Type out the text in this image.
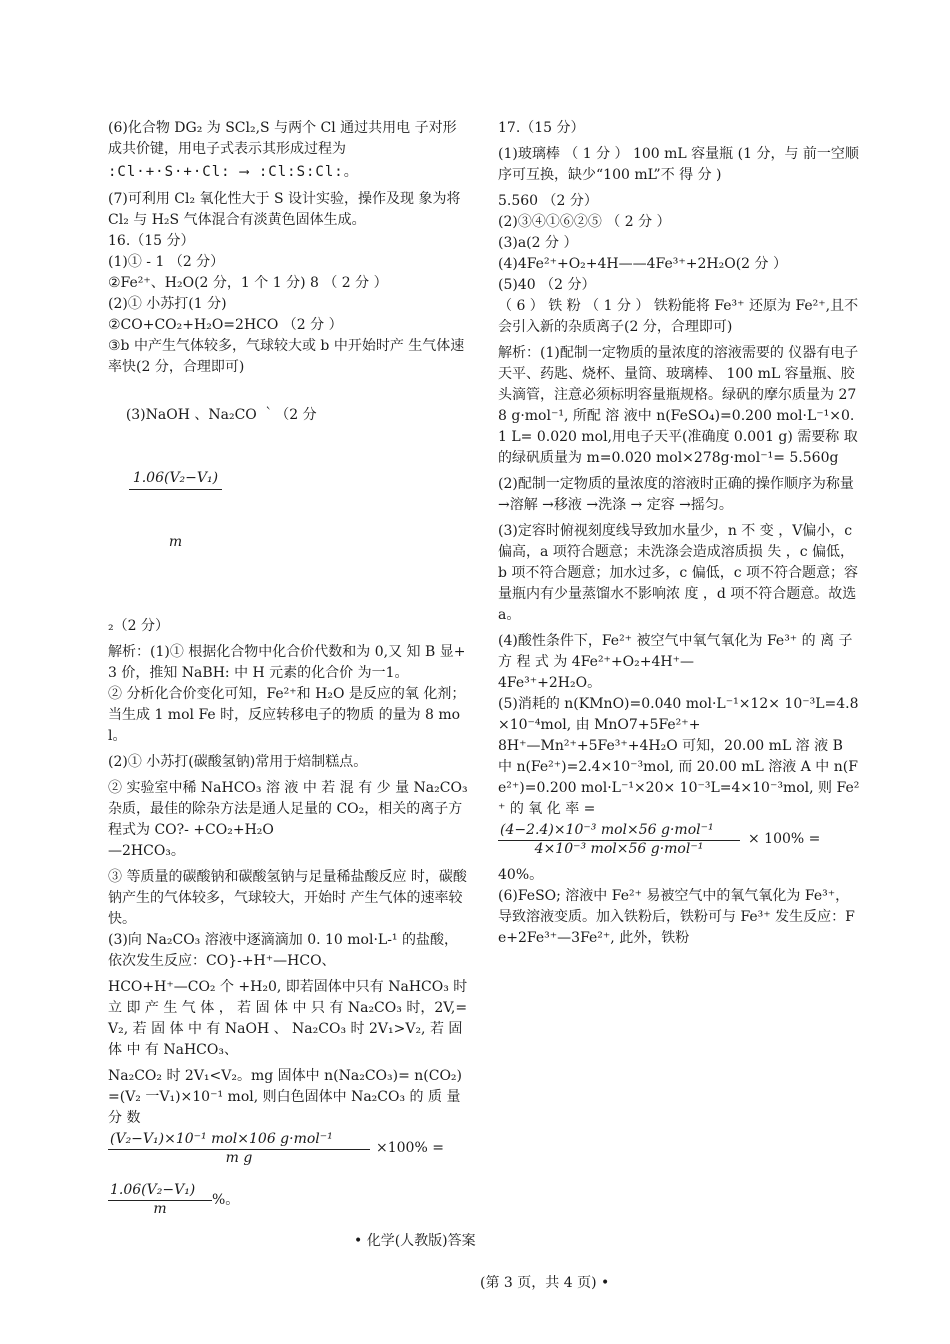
(6)化合物 DG₂ 为 SCl₂,S 与两个 Cl 通过共用电 子对形成共价键，用电子式表示其形成过程为
:Cl·+·S·+·Cl: ⟶ :Cl:S:Cl:。
(7)可利用 Cl₂ 氧化性大于 S 设计实验，操作及现 象为将 Cl₂ 与 H₂S 气体混合有淡黄色固体生成。
16.（15 分）
(1)① - 1 （2 分）
②Fe²⁺、H₂O(2 分，1 个 1 分) 8 （ 2 分 ）
(2)① 小苏打(1 分)
②CO+CO₂+H₂O=2HCO （2 分 ）
③b 中产生气体较多，气球较大或 b 中开始时产 生气体速率快(2 分，合理即可)

(3)NaOH 、Na₂CO ｀（2 分

$\frac{\text{1.06(V₂−V₁)}}{m}$

₂（2 分）
解析：(1)① 根据化合物中化合价代数和为 0,又 知 B 显+3 价，推知 NaBH: 中 H 元素的化合价 为一1。
② 分析化合价变化可知，Fe²⁺和 H₂O 是反应的氧 化剂；当生成 1 mol Fe 时，反应转移电子的物质 的量为 8 mol。
(2)① 小苏打(碳酸氢钠)常用于焙制糕点。
② 实验室中稀 NaHCO₃ 溶 液 中 若 混 有 少 量 Na₂CO₃ 杂质，最佳的除杂方法是通人足量的 CO₂，相关的离子方程式为 CO?- +CO₂+H₂O
—2HCO₃。
③ 等质量的碳酸钠和碳酸氢钠与足量稀盐酸反应 时，碳酸钠产生的气体较多，气球较大，开始时 产生气体的速率较快。
(3)向 Na₂CO₃ 溶液中逐滴滴加 0. 10 mol·L-¹ 的盐酸，依次发生反应：CO}-+H⁺—HCO、
HCO+H⁺—CO₂ 个 +H₂0, 即若固体中只有 NaHCO₃ 时 立 即 产 生 气 体 ， 若 固 体 中 只 有 Na₂CO₃ 时，2V,=V₂, 若 固 体 中 有 NaOH 、 Na₂CO₃ 时 2V₁>V₂, 若 固 体 中 有 NaHCO₃、
Na₂CO₂ 时 2V₁<V₂。mg 固体中 n(Na₂CO₃)= n(CO₂)=(V₂ 一V₁)×10⁻¹ mol, 则白色固体中 Na₂CO₃ 的 质 量 分 数
(V₂−V₁)×10⁻¹ mol×106 g·mol⁻¹
m g
×100% =
$\frac{\text{1.06(V₂−V₁)}}{m}$ %。
17.（15 分）
(1)玻璃棒 （ 1 分 ） 100 mL 容量瓶 (1 分，与 前一空顺序可互换，缺少“100 mL”不 得 分 )
5.560 （2 分）
(2)③④①⑥②⑤ （ 2 分 ）
(3)a(2 分 ）
(4)4Fe²⁺+O₂+4H——4Fe³⁺+2H₂O(2 分 ）
(5)40 （2 分）
（ 6 ） 铁 粉 （ 1 分 ） 铁粉能将 Fe³⁺ 还原为 Fe²⁺,且不会引入新的杂质离子(2 分，合理即可)
解析：(1)配制一定物质的量浓度的溶液需要的 仪器有电子天平、药匙、烧杯、量筒、玻璃棒、 100 mL 容量瓶、胶头滴管，注意必须标明容量瓶规格。绿矾的摩尔质量为 278 g·mol⁻¹, 所配 溶 液中 n(FeSO₄)=0.200 mol·L⁻¹×0.1 L= 0.020 mol,用电子天平(准确度 0.001 g) 需要称 取的绿矾质量为 m=0.020 mol×278g·mol⁻¹= 5.560g
(2)配制一定物质的量浓度的溶液时正确的操作顺序为称量 →溶解 →移液 →洗涤 → 定容 →摇匀。
(3)定容时俯视刻度线导致加水量少，n 不 变 ，V偏小，c 偏高，a 项符合题意；未洗涤会造成溶质损 失 ，c 偏低，b 项不符合题意；加水过多，c 偏低，c 项不符合题意；容量瓶内有少量蒸馏水不影响浓 度 ，d 项不符合题意。故选 a。
(4)酸性条件下，Fe²⁺ 被空气中氧气氧化为 Fe³⁺ 的 离 子 方 程 式 为 4Fe²⁺+O₂+4H⁺—
4Fe³⁺+2H₂O。
(5)消耗的 n(KMnO)=0.040 mol·L⁻¹×12× 10⁻³L=4.8×10⁻⁴mol, 由 MnO7+5Fe²⁺+
8H⁺—Mn²⁺+5Fe³⁺+4H₂O 可知，20.00 mL 溶 液 B 中 n(Fe²⁺)=2.4×10⁻³mol, 而 20.00 mL 溶液 A 中 n(Fe²⁺)=0.200 mol·L⁻¹×20× 10⁻³L=4×10⁻³mol, 则 Fe²⁺ 的 氧 化 率 =
(4−2.4)×10⁻³ mol×56 g·mol⁻¹
4×10⁻³ mol×56 g·mol⁻¹
× 100% =
40%。
(6)FeSO; 溶液中 Fe²⁺ 易被空气中的氧气氧化为 Fe³⁺，导致溶液变质。加入铁粉后，铁粉可与 Fe³⁺ 发生反应：Fe+2Fe³⁺—3Fe²⁺, 此外，铁粉
• 化学(人教版)答案
(第 3 页，共 4 页) •
